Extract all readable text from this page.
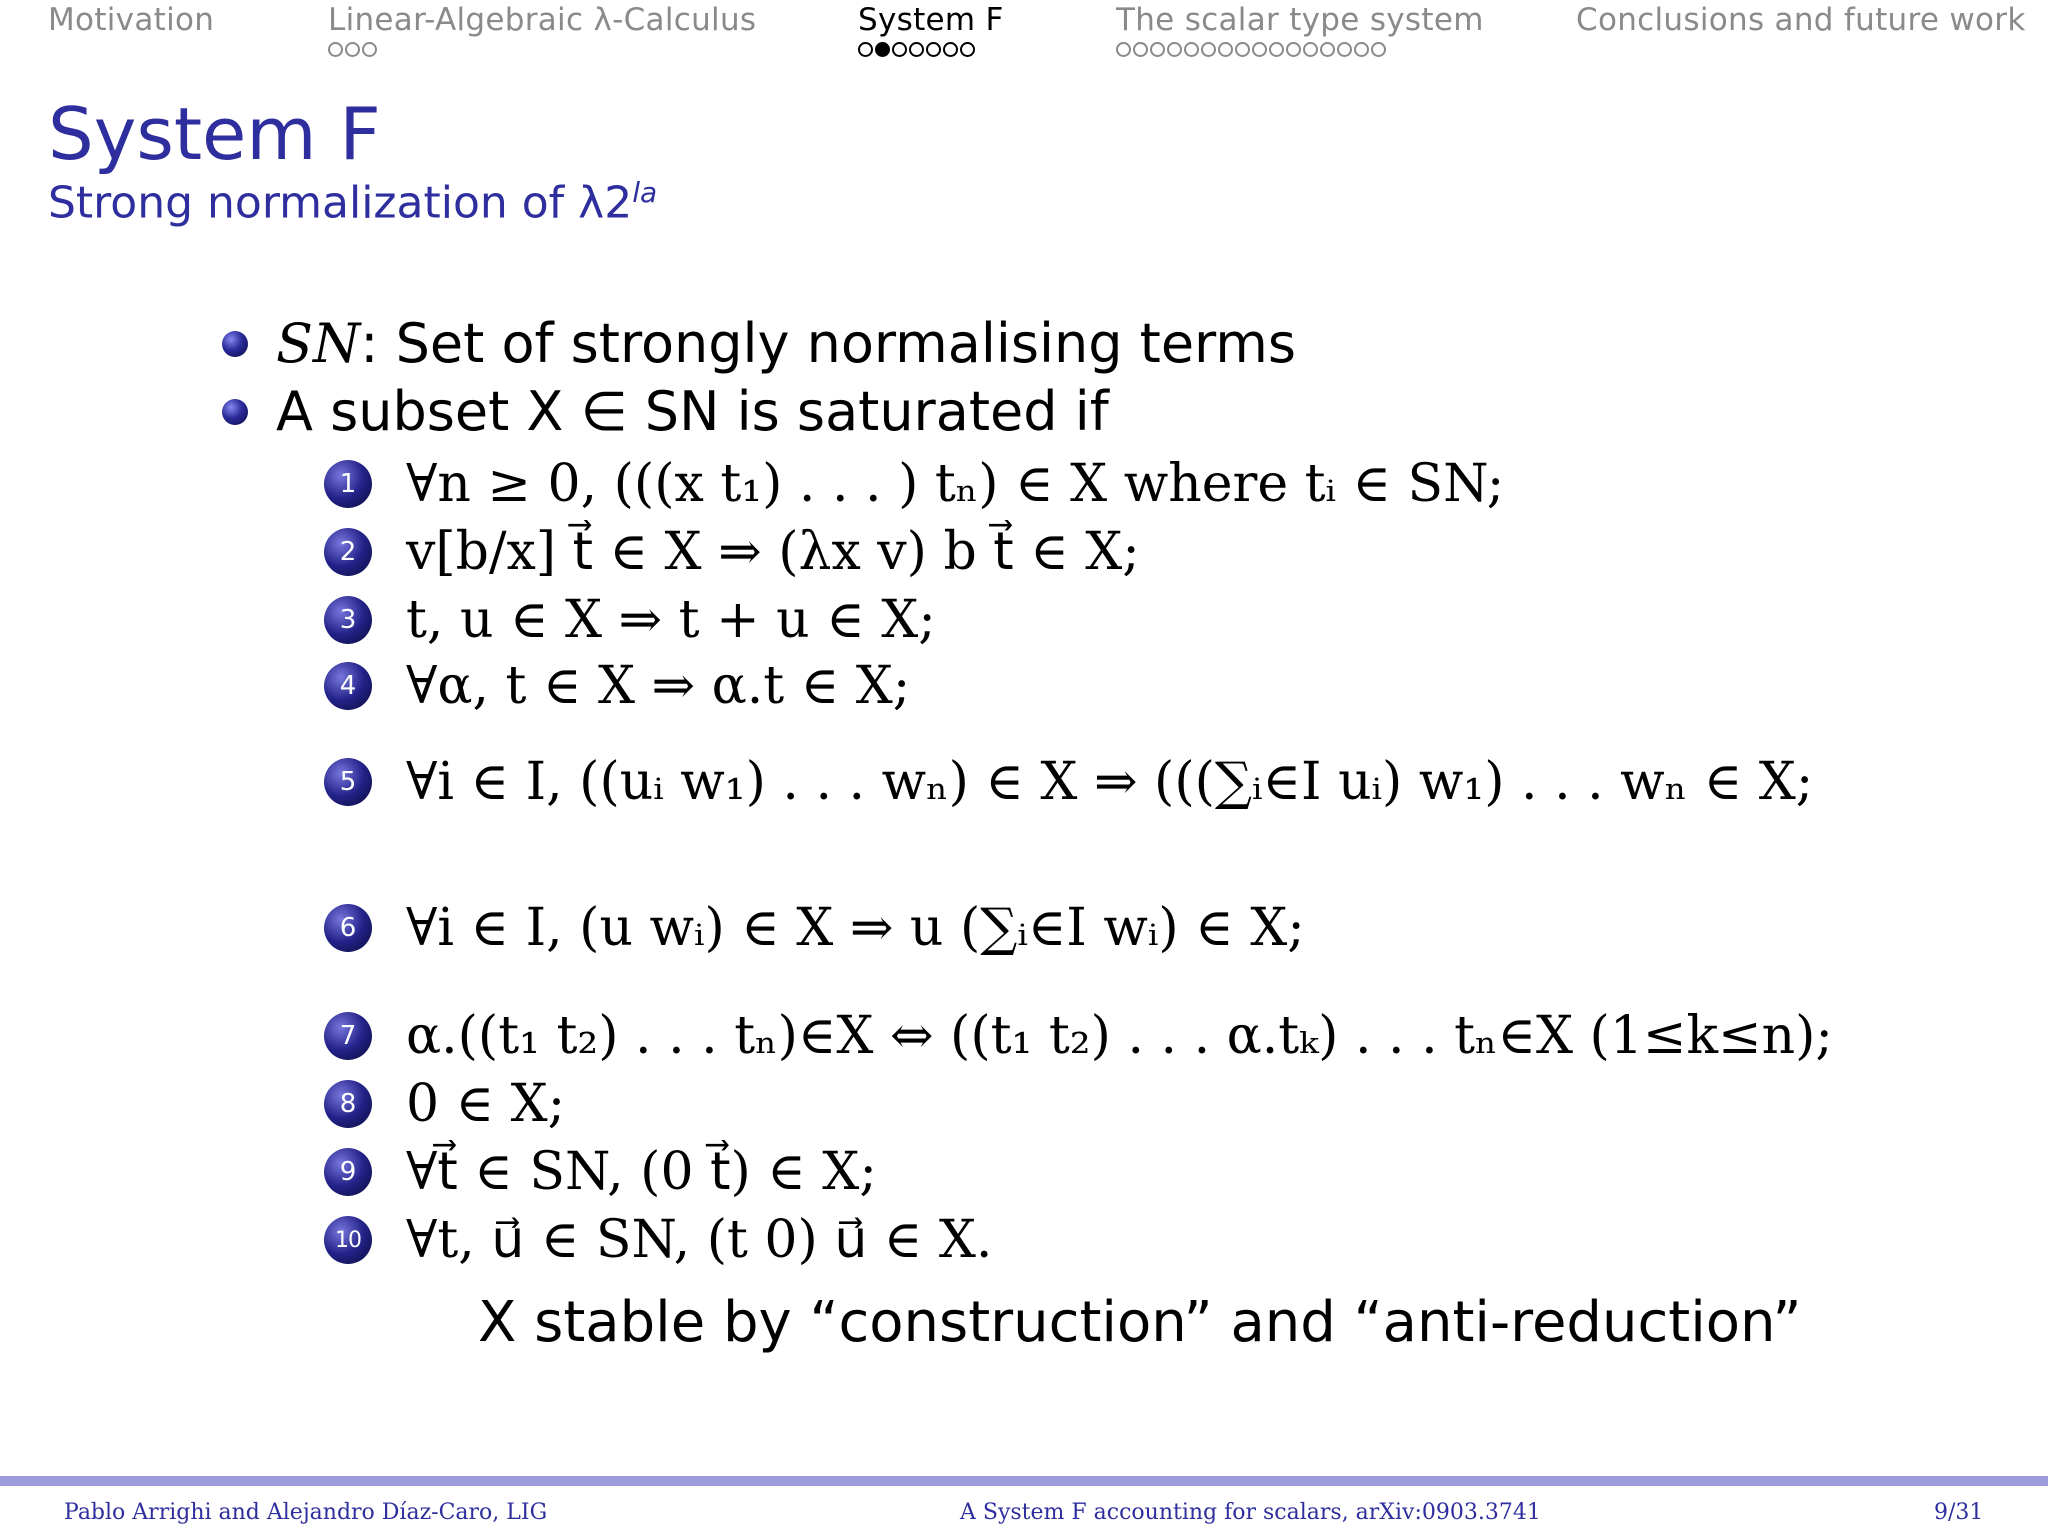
Motivation	Linear-Algebraic λ-Calculus	System F	The scalar type system	Conclusions and future work
System F
Strong normalization of $\lambda 2^{la}$
SN: Set of strongly normalising terms
A subset X ∈ SN is saturated if
1 ∀n ≥ 0, (((x t₁) . . . ) tₙ) ∈ X where tᵢ ∈ SN;
2 v[b/x] t⃗ ∈ X ⇒ (λx v) b t⃗ ∈ X;
3 t, u ∈ X ⇒ t + u ∈ X;
4 ∀α, t ∈ X ⇒ α.t ∈ X;
5 ∀i ∈ I, ((uᵢ w₁) . . . wₙ) ∈ X ⇒ (((∑ᵢ∈I uᵢ) w₁) . . . wₙ ∈ X;
6 ∀i ∈ I, (u wᵢ) ∈ X ⇒ u (∑ᵢ∈I wᵢ) ∈ X;
7 α.((t₁ t₂) . . . tₙ)∈X ⇔ ((t₁ t₂) . . . α.tₖ) . . . tₙ∈X (1≤k≤n);
8 0 ∈ X;
9 ∀t⃗ ∈ SN, (0 t⃗) ∈ X;
10 ∀t, u⃗ ∈ SN, (t 0) u⃗ ∈ X.
X stable by “construction” and “anti-reduction”
Pablo Arrighi and Alejandro Díaz-Caro, LIG	A System F accounting for scalars, arXiv:0903.3741	9/31
